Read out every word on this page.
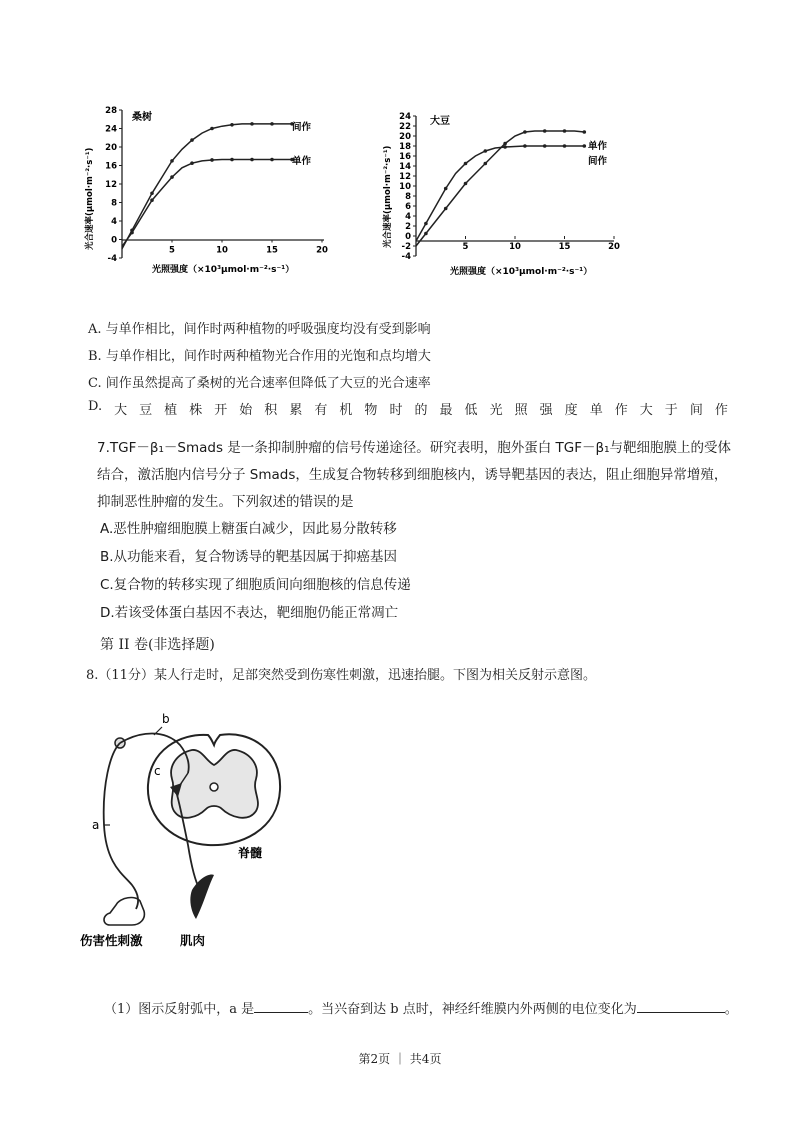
桑树
28
24
20
16
12
8
4
0
-4
5	10	15	20
光合速率(μmol·m⁻²·s⁻¹)
光照强度（×10³μmol·m⁻²·s⁻¹）
间作
单作
大豆
24
22
20
18
16
14
12
10
8
6
4
2
0
-2
-4
5	10	15	20
光合速率(μmol·m⁻²·s⁻¹)
光照强度（×10³μmol·m⁻²·s⁻¹）
单作
间作
A. 与单作相比，间作时两种植物的呼吸强度均没有受到影响
B. 与单作相比，间作时两种植物光合作用的光饱和点均增大
C. 间作虽然提高了桑树的光合速率但降低了大豆的光合速率
D. 大 豆 植 株 开 始 积 累 有 机 物 时 的 最 低 光 照 强 度 单 作 大 于 间 作
7.TGF－β₁－Smads 是一条抑制肿瘤的信号传递途径。研究表明，胞外蛋白 TGF－β₁与靶细胞膜上的受体
结合，激活胞内信号分子 Smads，生成复合物转移到细胞核内，诱导靶基因的表达，阻止细胞异常增殖，
抑制恶性肿瘤的发生。下列叙述的错误的是
A.恶性肿瘤细胞膜上糖蛋白减少，因此易分散转移
B.从功能来看，复合物诱导的靶基因属于抑癌基因
C.复合物的转移实现了细胞质间向细胞核的信息传递
D.若该受体蛋白基因不表达，靶细胞仍能正常凋亡
第 II 卷(非选择题)
8.（11分）某人行走时，足部突然受到伤寒性刺激，迅速抬腿。下图为相关反射示意图。
a
b
c
脊髓
伤害性刺激	肌肉
（1）图示反射弧中，a 是	。当兴奋到达 b 点时，神经纤维膜内外两侧的电位变化为	。
第2页 ｜ 共4页
